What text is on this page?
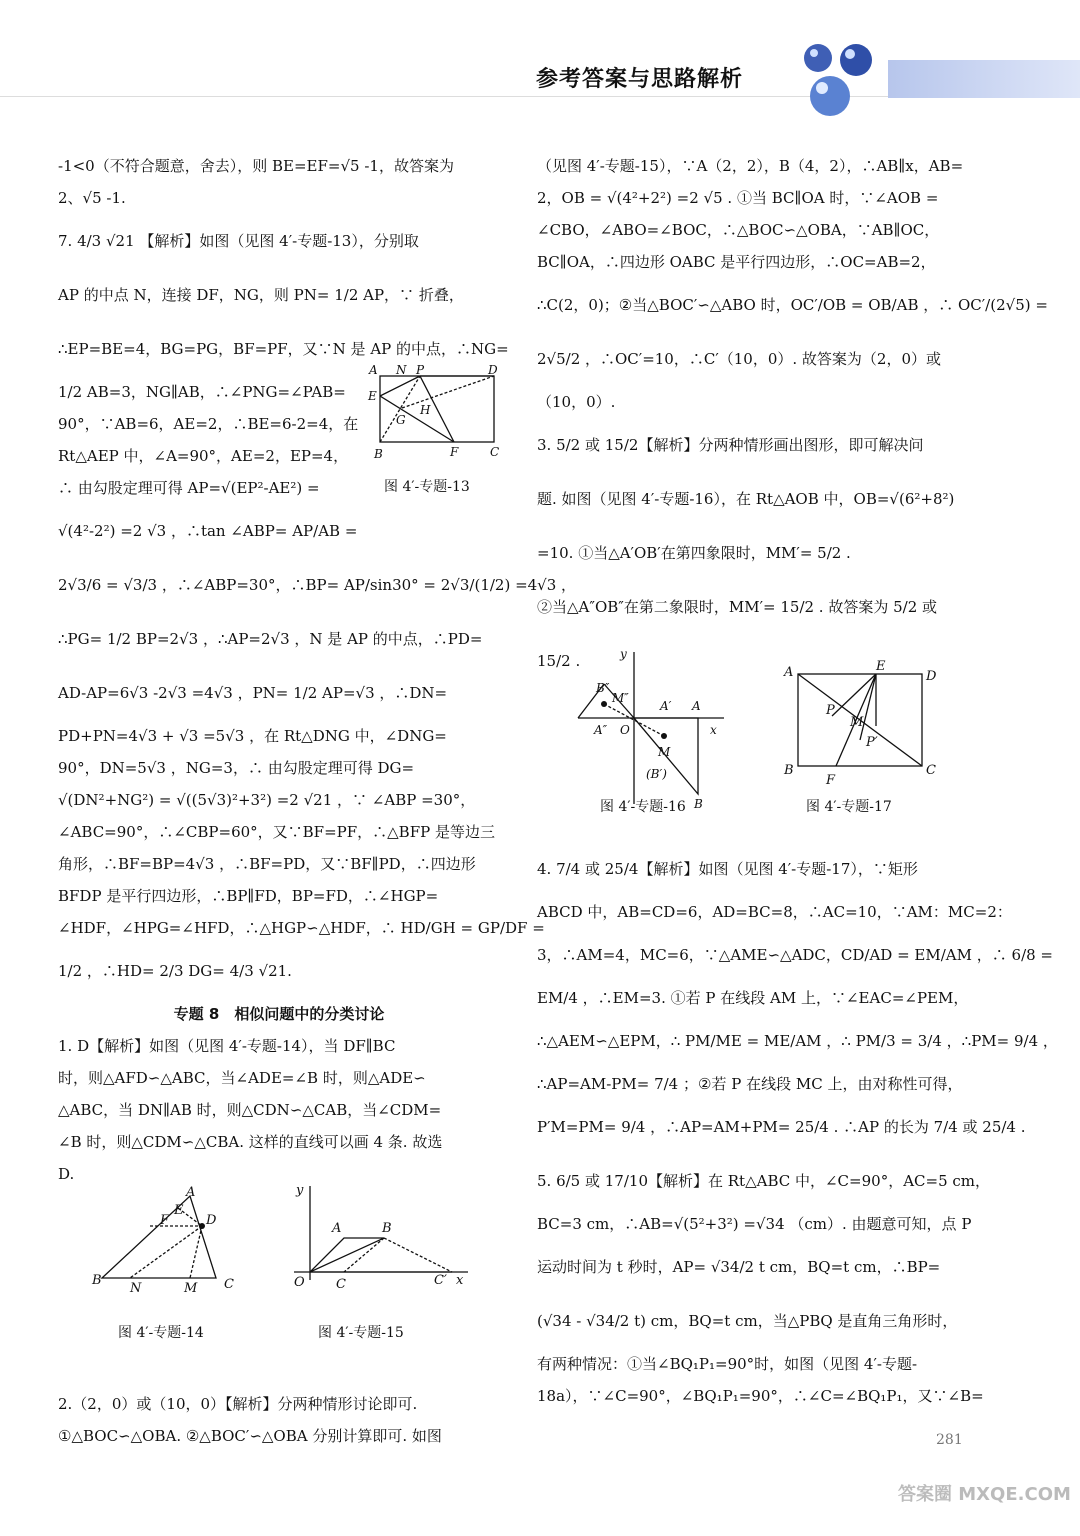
参考答案与思路解析
-1<0（不符合题意，舍去），则 BE=EF=√5 -1，故答案为
2、√5 -1.
7. 4/3 √21 【解析】如图（见图 4′-专题-13），分别取
AP 的中点 N，连接 DF，NG，则 PN= 1/2 AP，∵ 折叠，
∴EP=BE=4，BG=PG，BF=PF，又∵N 是 AP 的中点，∴NG=
1/2 AB=3，NG∥AB，∴∠PNG=∠PAB=
90°，∵AB=6，AE=2，∴BE=6-2=4，在
Rt△AEP 中，∠A=90°，AE=2，EP=4，
∴ 由勾股定理可得 AP=√(EP²-AE²) =
√(4²-2²) =2 √3 ，∴tan ∠ABP= AP/AB =
2√3/6 = √3/3 ，∴∠ABP=30°，∴BP= AP/sin30° = 2√3/(1/2) =4√3 ，
∴PG= 1/2 BP=2√3 ，∴AP=2√3 ，N 是 AP 的中点，∴PD=
AD-AP=6√3 -2√3 =4√3 ，PN= 1/2 AP=√3 ，∴DN=
PD+PN=4√3 + √3 =5√3 ，在 Rt△DNG 中，∠DNG=
90°，DN=5√3 ，NG=3，∴ 由勾股定理可得 DG=
√(DN²+NG²) = √((5√3)²+3²) =2 √21 ，∵ ∠ABP =30°，
∠ABC=90°，∴∠CBP=60°，又∵BF=PF，∴△BFP 是等边三
角形，∴BF=BP=4√3 ，∴BF=PD，又∵BF∥PD，∴四边形
BFDP 是平行四边形，∴BP∥FD，BP=FD，∴∠HGP=
∠HDF，∠HPG=∠HFD，∴△HGP∽△HDF，∴ HD/GH = GP/DF =
1/2 ，∴HD= 2/3 DG= 4/3 √21.
专题 8　相似问题中的分类讨论
1. D【解析】如图（见图 4′-专题-14），当 DF∥BC
时，则△AFD∽△ABC，当∠ADE=∠B 时，则△ADE∽
△ABC，当 DN∥AB 时，则△CDN∽△CAB，当∠CDM=
∠B 时，则△CDM∽△CBA. 这样的直线可以画 4 条. 故选
D.
2.（2，0）或（10，0）【解析】分两种情形讨论即可.
①△BOC∽△OBA. ②△BOC′∽△OBA 分别计算即可. 如图
（见图 4′-专题-15），∵A（2，2），B（4，2），∴AB∥x，AB=
2，OB = √(4²+2²) =2 √5 . ①当 BC∥OA 时，∵∠AOB =
∠CBO，∠ABO=∠BOC，∴△BOC∽△OBA，∵AB∥OC，
BC∥OA，∴四边形 OABC 是平行四边形，∴OC=AB=2，
∴C(2，0)；②当△BOC′∽△ABO 时，OC′/OB = OB/AB ，∴ OC′/(2√5) =
2√5/2 ，∴OC′=10，∴C′（10，0）. 故答案为（2，0）或
（10，0）.
3. 5/2 或 15/2【解析】分两种情形画出图形，即可解决问
题. 如图（见图 4′-专题-16），在 Rt△AOB 中，OB=√(6²+8²)
=10. ①当△A′OB′在第四象限时，MM′= 5/2 .
②当△A″OB″在第二象限时，MM′= 15/2 . 故答案为 5/2 或
15/2 .
4. 7/4 或 25/4【解析】如图（见图 4′-专题-17），∵矩形
ABCD 中，AB=CD=6，AD=BC=8，∴AC=10，∵AM：MC=2：
3，∴AM=4，MC=6，∵△AME∽△ADC，CD/AD = EM/AM ，∴ 6/8 =
EM/4 ，∴EM=3. ①若 P 在线段 AM 上，∵∠EAC=∠PEM，
∴△AEM∽△EPM，∴ PM/ME = ME/AM ，∴ PM/3 = 3/4 ，∴PM= 9/4 ，
∴AP=AM-PM= 7/4 ；②若 P 在线段 MC 上，由对称性可得，
P′M=PM= 9/4 ，∴AP=AM+PM= 25/4 . ∴AP 的长为 7/4 或 25/4 .
5. 6/5 或 17/10【解析】在 Rt△ABC 中，∠C=90°，AC=5 cm，
BC=3 cm，∴AB=√(5²+3²) =√34 （cm）. 由题意可知，点 P
运动时间为 t 秒时，AP= √34/2 t cm，BQ=t cm，∴BP=
(√34 - √34/2 t) cm，BQ=t cm，当△PBQ 是直角三角形时，
有两种情况：①当∠BQ₁P₁=90°时，如图（见图 4′-专题-
18a），∵∠C=90°，∠BQ₁P₁=90°，∴∠C=∠BQ₁P₁，又∵∠B=
A N P	D
E
H
G
B	F	C
图 4′-专题-13
A
E
F	D
B
N	M C
图 4′-专题-14
y
A	B
O C	C′ x
图 4′-专题-15
y
B″
M″
A′ A
A″ O
M
x
(B′)
B
图 4′-专题-16
A	E
D
P
M
P′
B
F
C
图 4′-专题-17
281
答案圈 MXQE.COM
